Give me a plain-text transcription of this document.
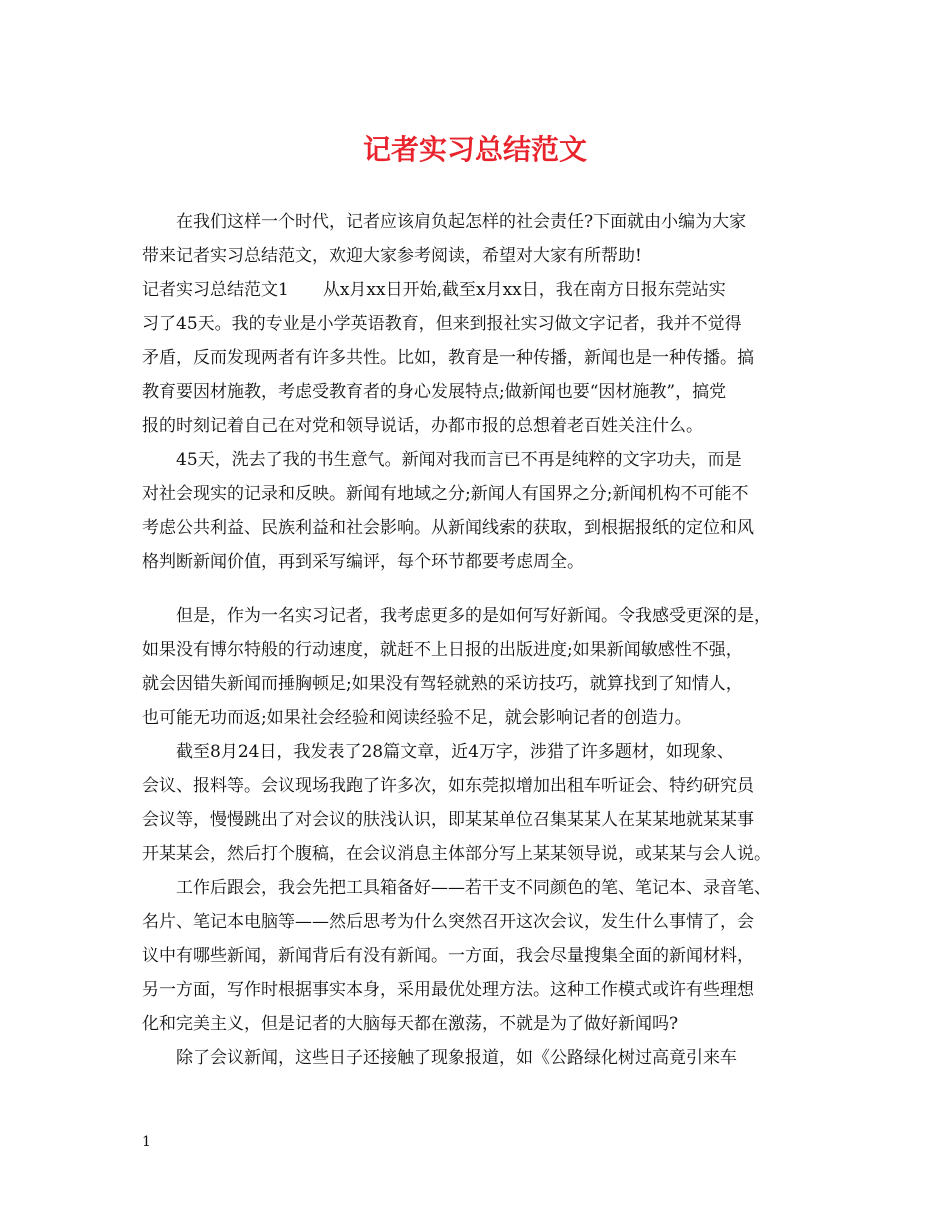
记者实习总结范文
　　在我们这样一个时代，记者应该肩负起怎样的社会责任?下面就由小编为大家
带来记者实习总结范文，欢迎大家参考阅读，希望对大家有所帮助!
记者实习总结范文1　　从x月xx日开始,截至x月xx日，我在南方日报东莞站实
习了45天。我的专业是小学英语教育，但来到报社实习做文字记者，我并不觉得
矛盾，反而发现两者有许多共性。比如，教育是一种传播，新闻也是一种传播。搞
教育要因材施教，考虑受教育者的身心发展特点;做新闻也要“因材施教”，搞党
报的时刻记着自己在对党和领导说话，办都市报的总想着老百姓关注什么。
　　45天，洗去了我的书生意气。新闻对我而言已不再是纯粹的文字功夫，而是
对社会现实的记录和反映。新闻有地域之分;新闻人有国界之分;新闻机构不可能不
考虑公共利益、民族利益和社会影响。从新闻线索的获取，到根据报纸的定位和风
格判断新闻价值，再到采写编评，每个环节都要考虑周全。
　　但是，作为一名实习记者，我考虑更多的是如何写好新闻。令我感受更深的是，
如果没有博尔特般的行动速度，就赶不上日报的出版进度;如果新闻敏感性不强，
就会因错失新闻而捶胸顿足;如果没有驾轻就熟的采访技巧，就算找到了知情人，
也可能无功而返;如果社会经验和阅读经验不足，就会影响记者的创造力。
　　截至8月24日，我发表了28篇文章，近4万字，涉猎了许多题材，如现象、
会议、报料等。会议现场我跑了许多次，如东莞拟增加出租车听证会、特约研究员
会议等，慢慢跳出了对会议的肤浅认识，即某某单位召集某某人在某某地就某某事
开某某会，然后打个腹稿，在会议消息主体部分写上某某领导说，或某某与会人说。
　　工作后跟会，我会先把工具箱备好——若干支不同颜色的笔、笔记本、录音笔、
名片、笔记本电脑等——然后思考为什么突然召开这次会议，发生什么事情了，会
议中有哪些新闻，新闻背后有没有新闻。一方面，我会尽量搜集全面的新闻材料，
另一方面，写作时根据事实本身，采用最优处理方法。这种工作模式或许有些理想
化和完美主义，但是记者的大脑每天都在激荡，不就是为了做好新闻吗?
　　除了会议新闻，这些日子还接触了现象报道，如《公路绿化树过高竟引来车
1
